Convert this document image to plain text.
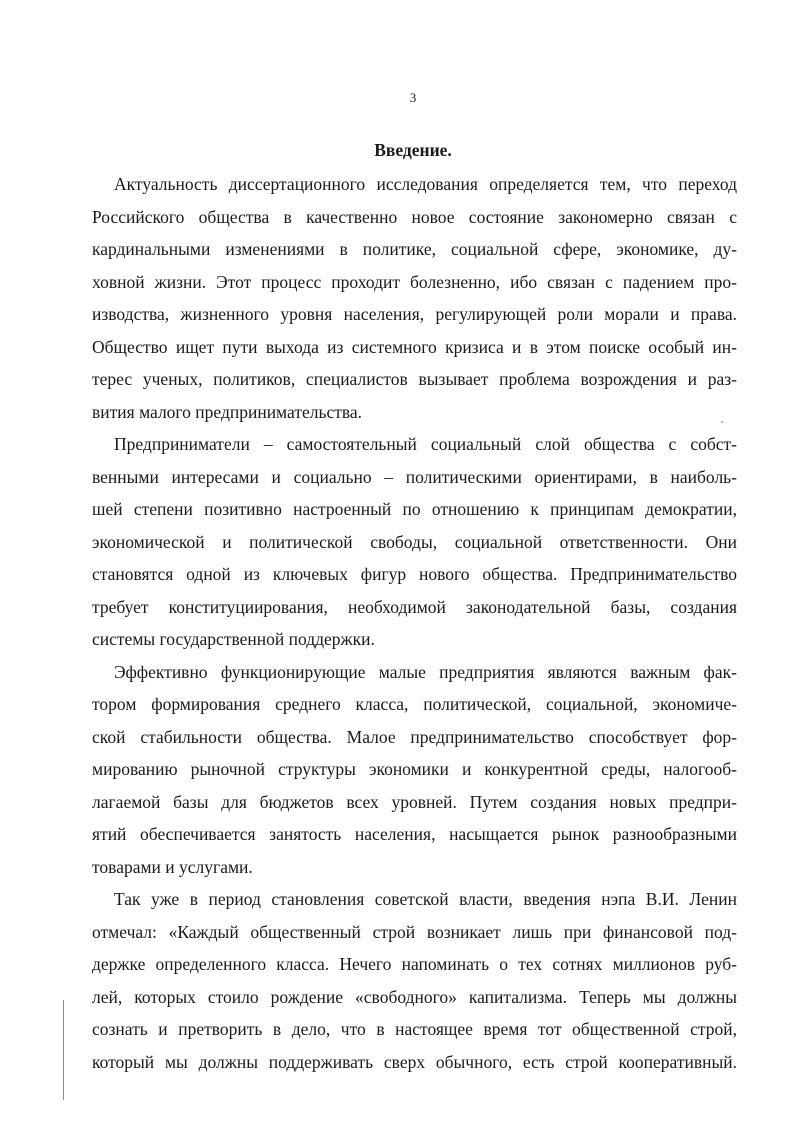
3
Введение.
Актуальность диссертационного исследования определяется тем, что переход
Российского общества в качественно новое состояние закономерно связан с
кардинальными изменениями в политике, социальной сфере, экономике, ду-
ховной жизни. Этот процесс проходит болезненно, ибо связан с падением про-
изводства, жизненного уровня населения, регулирующей роли морали и права.
Общество ищет пути выхода из системного кризиса и в этом поиске особый ин-
терес ученых, политиков, специалистов вызывает проблема возрождения и раз-
вития малого предпринимательства.
Предприниматели – самостоятельный социальный слой общества с собст-
венными интересами и социально – политическими ориентирами, в наиболь-
шей степени позитивно настроенный по отношению к принципам демократии,
экономической и политической свободы, социальной ответственности. Они
становятся одной из ключевых фигур нового общества. Предпринимательство
требует конституциирования, необходимой законодательной базы, создания
системы государственной поддержки.
Эффективно функционирующие малые предприятия являются важным фак-
тором формирования среднего класса, политической, социальной, экономиче-
ской стабильности общества. Малое предпринимательство способствует фор-
мированию рыночной структуры экономики и конкурентной среды, налогооб-
лагаемой базы для бюджетов всех уровней. Путем создания новых предпри-
ятий обеспечивается занятость населения, насыщается рынок разнообразными
товарами и услугами.
Так уже в период становления советской власти, введения нэпа В.И. Ленин
отмечал: «Каждый общественный строй возникает лишь при финансовой под-
держке определенного класса. Нечего напоминать о тех сотнях миллионов руб-
лей, которых стоило рождение «свободного» капитализма. Теперь мы должны
сознать и претворить в дело, что в настоящее время тот общественной строй,
который мы должны поддерживать сверх обычного, есть строй кооперативный.
